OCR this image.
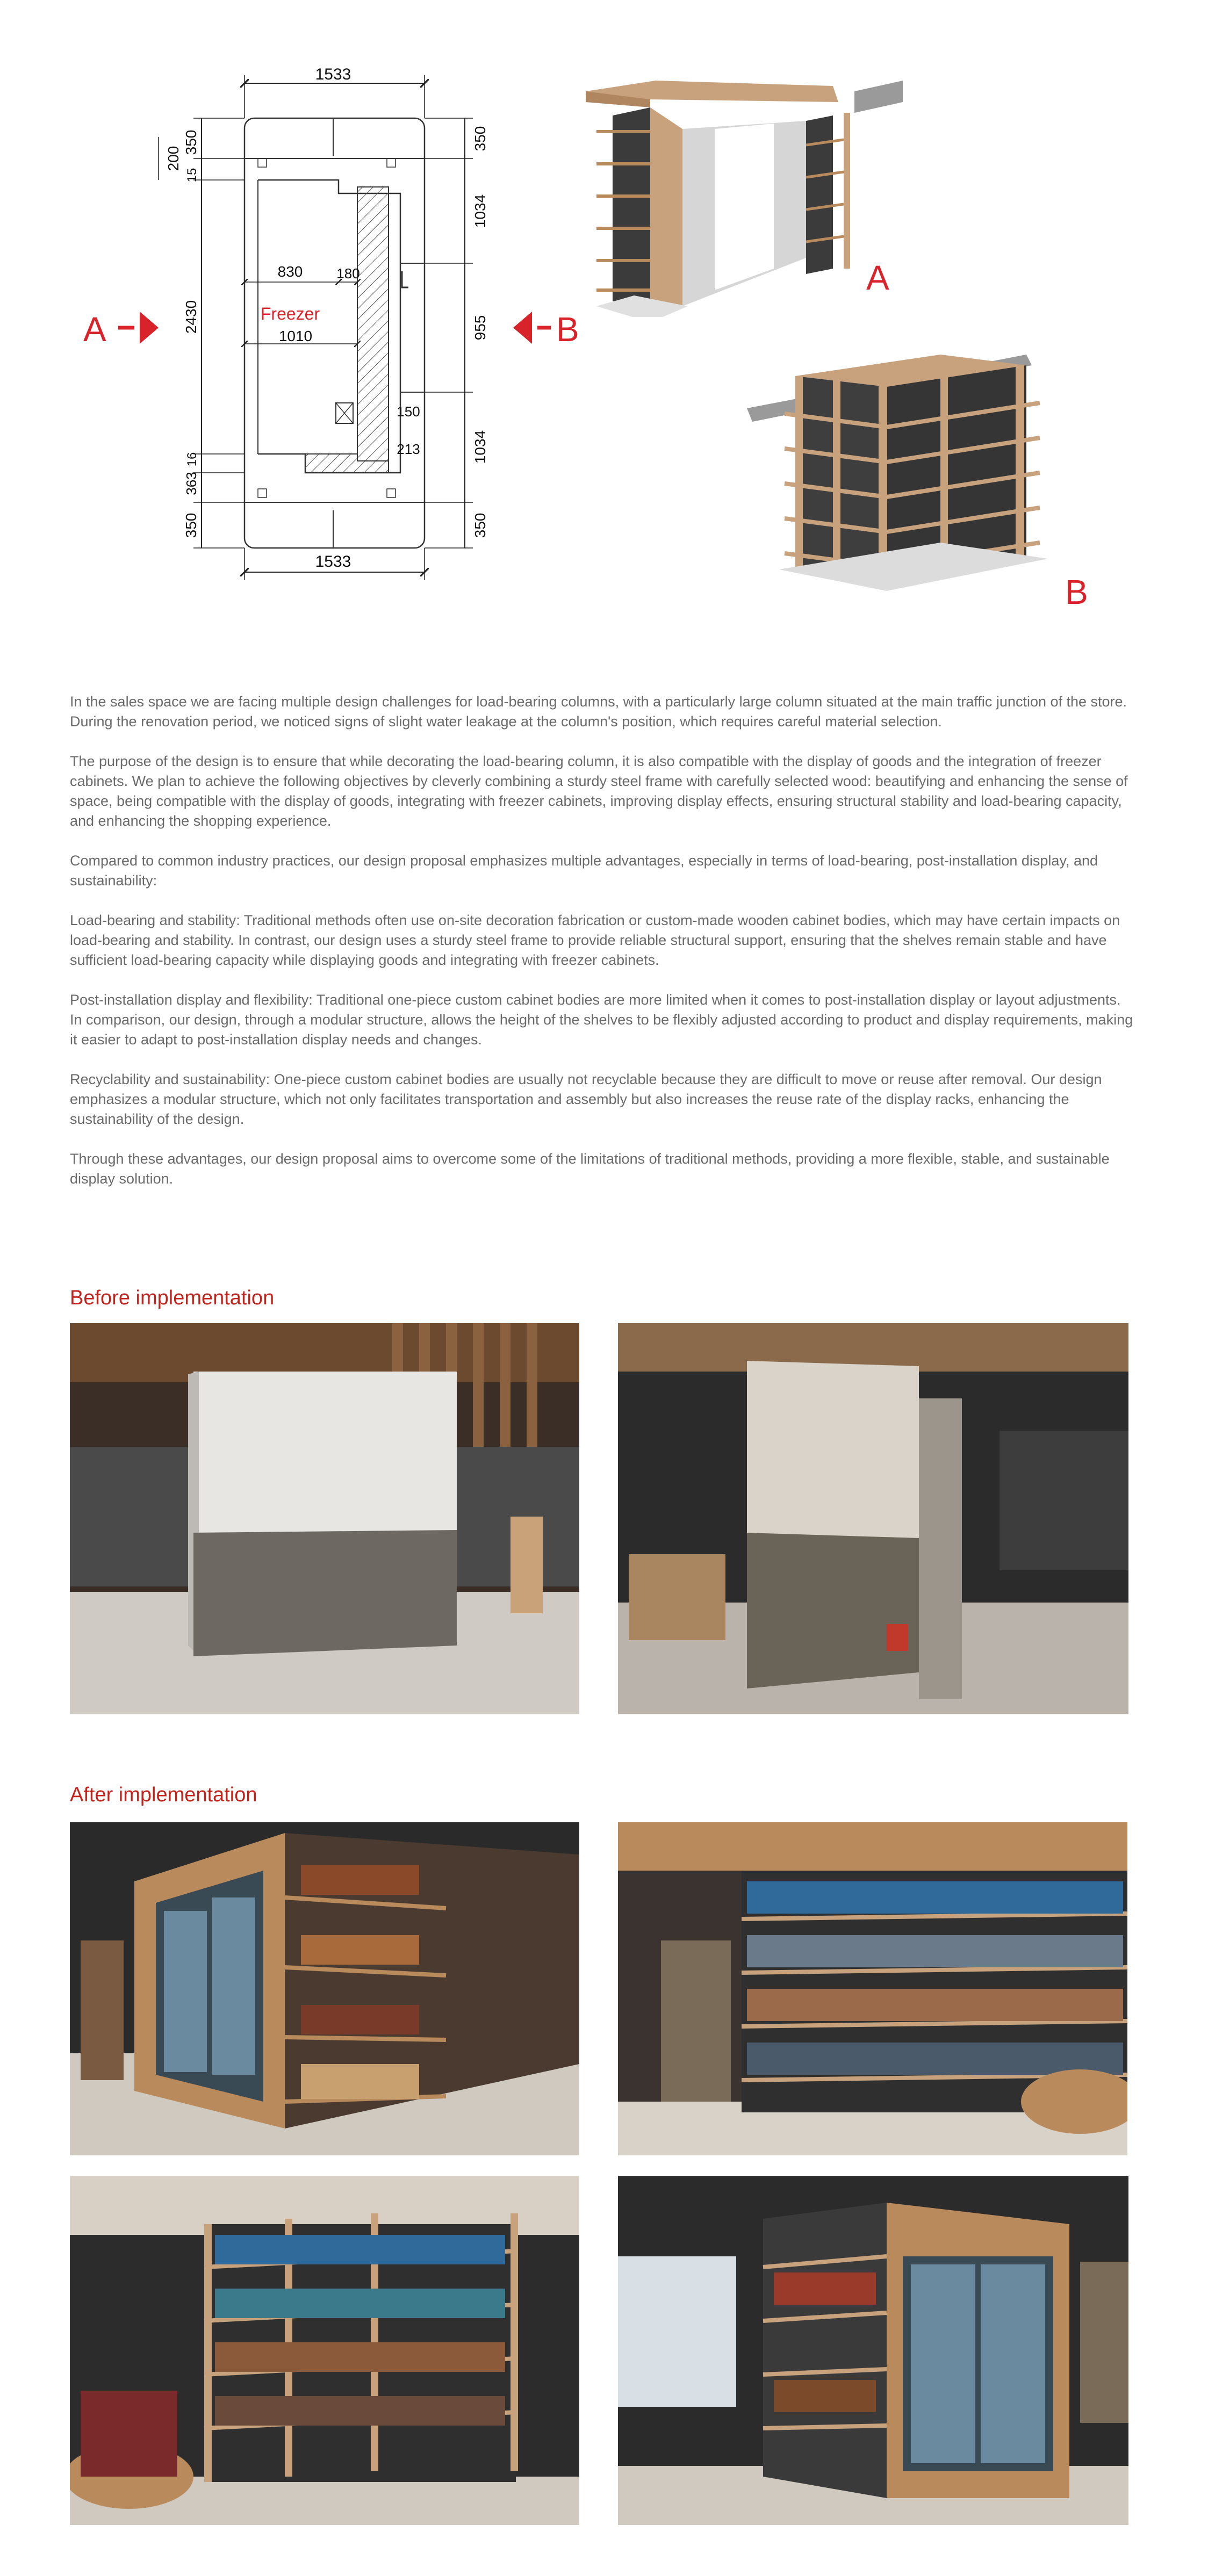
1533
830 180
Freezer
1010
150
213
350
200
15
2430
363
16
350
350
1034
955
1034
350
1533
A	B
A
B

In the sales space we are facing multiple design challenges for load-bearing columns, with a particularly large column situated at the main traffic junction of the store. During the renovation period, we noticed signs of slight water leakage at the column's position, which requires careful material selection.

The purpose of the design is to ensure that while decorating the load-bearing column, it is also compatible with the display of goods and the integration of freezer cabinets. We plan to achieve the following objectives by cleverly combining a sturdy steel frame with carefully selected wood: beautifying and enhancing the sense of space, being compatible with the display of goods, integrating with freezer cabinets, improving display effects, ensuring structural stability and load-bearing capacity, and enhancing the shopping experience.

Compared to common industry practices, our design proposal emphasizes multiple advantages, especially in terms of load-bearing, post-installation display, and sustainability:

Load-bearing and stability: Traditional methods often use on-site decoration fabrication or custom-made wooden cabinet bodies, which may have certain impacts on load-bearing and stability. In contrast, our design uses a sturdy steel frame to provide reliable structural support, ensuring that the shelves remain stable and have sufficient load-bearing capacity while displaying goods and integrating with freezer cabinets.

Post-installation display and flexibility: Traditional one-piece custom cabinet bodies are more limited when it comes to post-installation display or layout adjustments. In comparison, our design, through a modular structure, allows the height of the shelves to be flexibly adjusted according to product and display requirements, making it easier to adapt to post-installation display needs and changes.

Recyclability and sustainability: One-piece custom cabinet bodies are usually not recyclable because they are difficult to move or reuse after removal. Our design emphasizes a modular structure, which not only facilitates transportation and assembly but also increases the reuse rate of the display racks, enhancing the sustainability of the design.

Through these advantages, our design proposal aims to overcome some of the limitations of traditional methods, providing a more flexible, stable, and sustainable display solution.

Before implementation
After implementation
